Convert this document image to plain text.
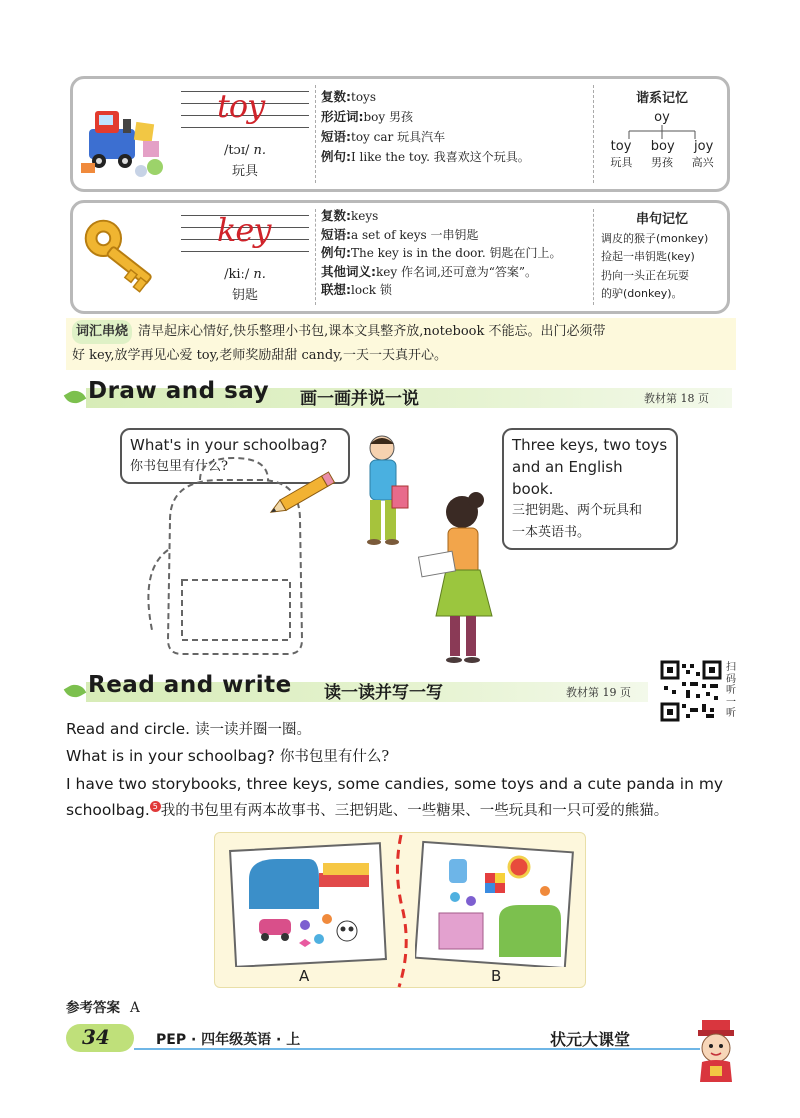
toy
/tɔɪ/ n.
玩具
复数:toys
形近词:boy 男孩
短语:toy car 玩具汽车
例句:I like the toy. 我喜欢这个玩具。
谐系记忆
oy
toy boy joy
玩具 男孩 高兴
key
/kiː/ n.
钥匙
复数:keys
短语:a set of keys 一串钥匙
例句:The key is in the door. 钥匙在门上。
其他词义:key 作名词,还可意为“答案”。
联想:lock 锁
串句记忆
调皮的猴子(monkey)
捡起一串钥匙(key)
扔向一头正在玩耍
的驴(donkey)。
词汇串烧 清早起床心情好,快乐整理小书包,课本文具整齐放,notebook 不能忘。出门必须带
好 key,放学再见心爱 toy,老师奖励甜甜 candy,一天一天真开心。
Draw and say 画一画并说一说	教材第 18 页
What's in your schoolbag?
你书包里有什么?
Three keys, two toys
and an English book.
三把钥匙、两个玩具和
一本英语书。
Read and write 读一读并写一写	教材第 19 页
扫码听一听
Read and circle. 读一读并圈一圈。
What is in your schoolbag? 你书包里有什么?
I have two storybooks, three keys, some candies, some toys and a cute panda in my
schoolbag. $^5$ 我的书包里有两本故事书、三把钥匙、一些糖果、一些玩具和一只可爱的熊猫。
A	B
参考答案 A
34	PEP · 四年级英语 · 上	状元大课堂
